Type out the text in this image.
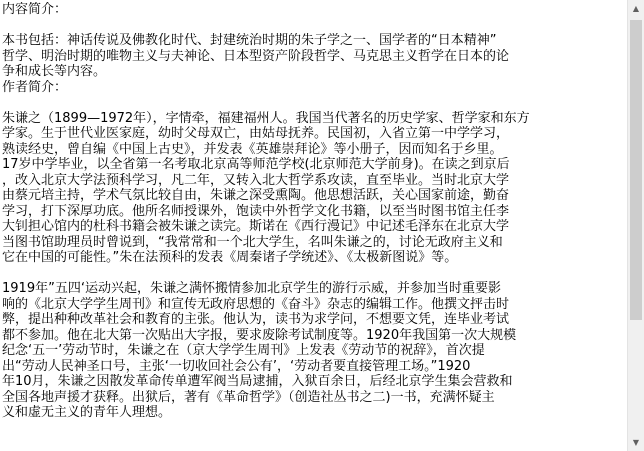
内容简介：
本书包括：神话传说及佛教化时代、封建统治时期的朱子学之一、国学者的“日本精神”
哲学、明治时期的唯物主义与夫神论、日本型资产阶段哲学、马克思主义哲学在日本的论
争和成长等内容。
作者简介：
朱谦之（1899—1972年），字情牵，福建福州人。我国当代著名的历史学家、哲学家和东方
学家。生于世代业医家庭，幼时父母双亡，由姑母抚养。民国初，入省立第一中学学习，
熟读经史，曾自编《中国上古史》，并发表《英雄崇拜论》等小册子，因而知名于乡里。
17岁中学毕业，以全省第一名考取北京高等师范学校(北京师范大学前身)。在读之到京后
，改入北京大学法预科学习，凡二年，又转入北大哲学系攻读，直至毕业。当时北京大学
由蔡元培主持，学术气氛比较自由，朱谦之深受熏陶。他思想活跃，关心国家前途，勤奋
学习，打下深厚功底。他所名师授课外，饱读中外哲学文化书籍，以至当时图书馆主任李
大钊担心馆内的杜科书籍会被朱谦之读完。斯诺在《西行漫记》中记述毛泽东在北京大学
当图书馆助理员时曾说到，“我常常和一个北大学生，名叫朱谦之的，讨论无政府主义和
它在中国的可能性。”朱在法预科的发表《周秦诸子学统述》、《太极新图说》等。
1919年”五四‘运动兴起，朱谦之满怀搬情参加北京学生的游行示威，并参加当时重要影
响的《北京大学学生周刊》和宣传无政府思想的《奋斗》杂志的编辑工作。他撰文抨击时
弊，提出种种改革社会和教育的主张。他认为，读书为求学问，不想要文凭，连毕业考试
都不参加。他在北大第一次贴出大字报，要求废除考试制度等。1920年我国第一次大规模
纪念‘五一’劳动节时，朱谦之在（京大学学生周刊》上发表《劳动节的祝辞》，首次提
出“劳动人民神圣口号，主张‘一切收回社会公有’，‘劳动者要直接管理工场。”1920
年10月，朱谦之因散发革命传单遭军阀当局逮捕，入狱百余日，后经北京学生集会营救和
全国各地声援才获释。出狱后，著有《革命哲学》（创造社丛书之二)一书，充满怀疑主
义和虚无主义的青年人理想。
▲
▼
